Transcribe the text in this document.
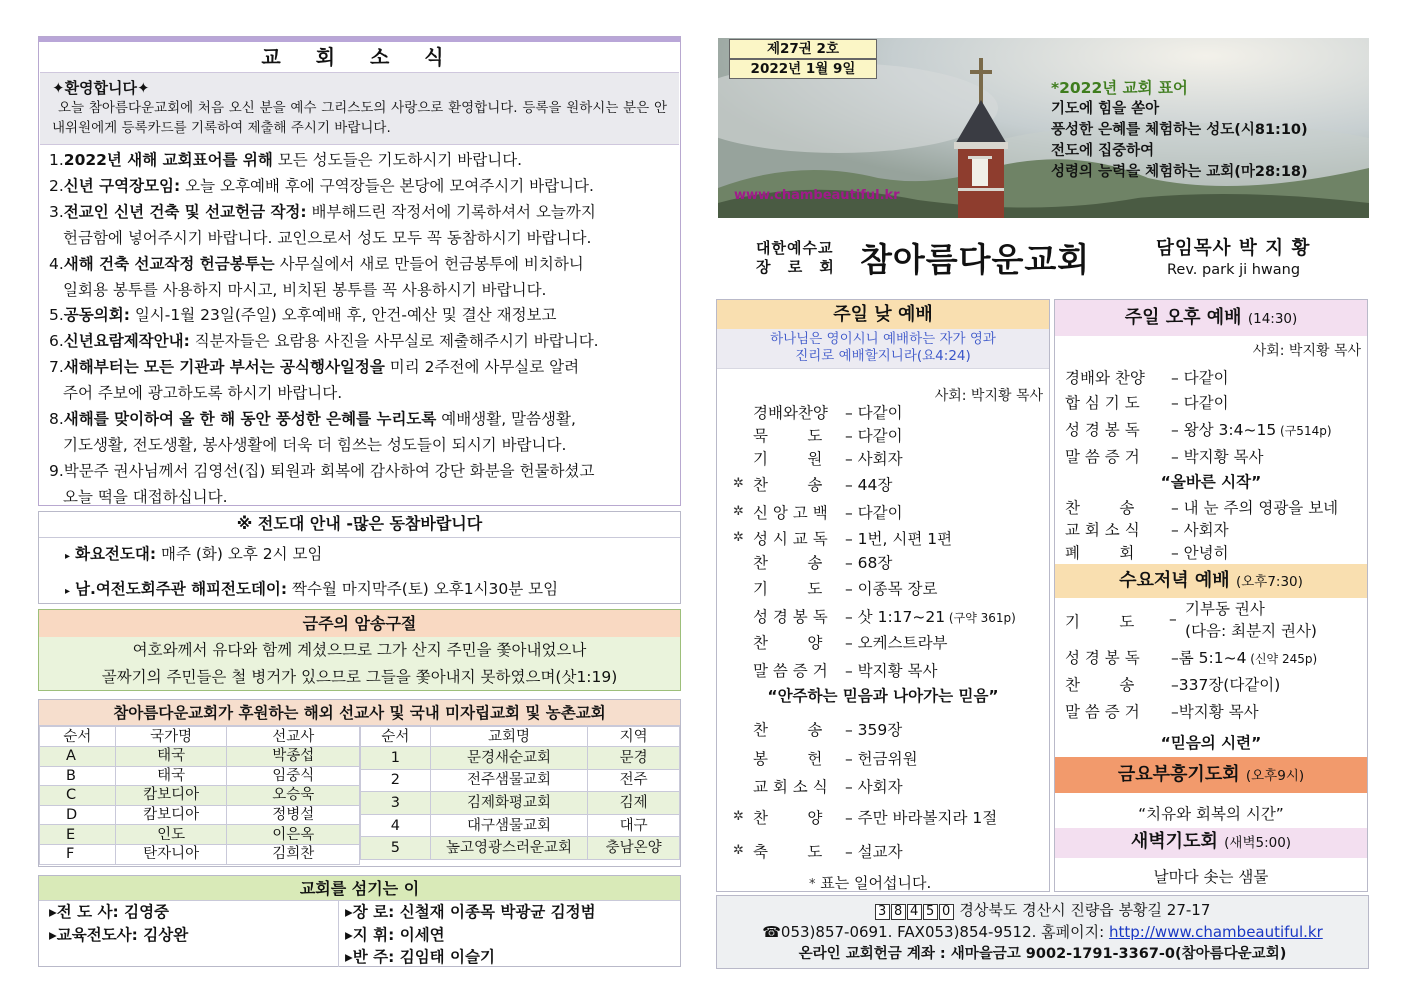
교 회 소 식
✦환영합니다✦
오늘 참아름다운교회에 처음 오신 분을 예수 그리스도의 사랑으로 환영합니다. 등록을 원하시는 분은 안내위원에게 등록카드를 기록하여 제출해 주시기 바랍니다.
1.2022년 새해 교회표어를 위해 모든 성도들은 기도하시기 바랍니다.
2.신년 구역장모임: 오늘 오후예배 후에 구역장들은 본당에 모여주시기 바랍니다.
3.전교인 신년 건축 및 선교헌금 작정: 배부해드린 작정서에 기록하셔서 오늘까지
헌금함에 넣어주시기 바랍니다. 교인으로서 성도 모두 꼭 동참하시기 바랍니다.
4.새해 건축 선교작정 헌금봉투는 사무실에서 새로 만들어 헌금봉투에 비치하니
일회용 봉투를 사용하지 마시고, 비치된 봉투를 꼭 사용하시기 바랍니다.
5.공동의회: 일시-1월 23일(주일) 오후예배 후, 안건-예산 및 결산 재정보고
6.신년요람제작안내: 직분자들은 요람용 사진을 사무실로 제출해주시기 바랍니다.
7.새해부터는 모든 기관과 부서는 공식행사일정을 미리 2주전에 사무실로 알려
주어 주보에 광고하도록 하시기 바랍니다.
8.새해를 맞이하여 올 한 해 동안 풍성한 은혜를 누리도록 예배생활, 말씀생활,
기도생활, 전도생활, 봉사생활에 더욱 더 힘쓰는 성도들이 되시기 바랍니다.
9.박문주 권사님께서 김영선(집) 퇴원과 회복에 감사하여 강단 화분을 헌물하셨고
오늘 떡을 대접하십니다.
※ 전도대 안내 -많은 동참바랍니다
▸ 화요전도대: 매주 (화) 오후 2시 모임
▸ 남.여전도회주관 해피전도데이: 짝수월 마지막주(토) 오후1시30분 모임
금주의 암송구절
여호와께서 유다와 함께 계셨으므로 그가 산지 주민을 쫓아내었으나
골짜기의 주민들은 철 병거가 있으므로 그들을 쫓아내지 못하였으며(삿1:19)
참아름다운교회가 후원하는 해외 선교사 및 국내 미자립교회 및 농촌교회
순서	국가명	선교사
A	태국	박종섭
B	태국	임중식
C	캄보디아	오승욱
D	캄보디아	정병설
E	인도	이은옥
F	탄자니아	김희찬
순서	교회명	지역
1	문경새순교회	문경
2	전주샘물교회	전주
3	김제화평교회	김제
4	대구샘물교회	대구
5	높고영광스러운교회	충남온양
교회를 섬기는 이
▸전 도 사: 김영중
▸교육전도사: 김상완
▸장 로: 신철재 이종목 박광균 김정범
▸지 휘: 이세연
▸반 주: 김임태 이슬기
제27권 2호
2022년 1월 9일
*2022년 교회 표어
기도에 힘을 쏟아
풍성한 은혜를 체험하는 성도(시81:10)
전도에 집중하여
성령의 능력을 체험하는 교회(마28:18)
www.chambeautiful.kr
대한예수교
장 로 회 참아름다운교회	담임목사 박 지 황
Rev. park ji hwang
주일 낮 예배
하나님은 영이시니 예배하는 자가 영과
진리로 예배할지니라(요4:24)
사회: 박지황 목사
경배와찬양 – 다같이
묵        도 – 다같이
기        원 – 사회자
✲ 찬        송 – 44장
✲ 신 앙 고 백 – 다같이
✲ 성 시 교 독 – 1번, 시편 1편
찬        송 – 68장
기        도 – 이종목 장로
성 경 봉 독 – 삿 1:17~21 (구약 361p)
찬        양 – 오케스트라부
말 씀 증 거 – 박지황 목사
“안주하는 믿음과 나아가는 믿음”
찬        송 – 359장
봉        헌 – 헌금위원
교 회 소 식 – 사회자
✲ 찬        양 – 주만 바라볼지라 1절
✲ 축        도 – 설교자
* 표는 일어섭니다.
주일 오후 예배 (14:30)
사회: 박지황 목사
경배와 찬양 – 다같이
합 심 기 도 – 다같이
성 경 봉 독 – 왕상 3:4~15 (구514p)
말 씀 증 거 – 박지황 목사
“올바른 시작”
찬        송 – 내 눈 주의 영광을 보네
교 회 소 식 – 사회자
폐        회 – 안녕히
수요저녁 예배 (오후7:30)
기        도	–
기부동 권사
(다음: 최분지 권사)
성 경 봉 독 –롬 5:1~4 (신약 245p)
찬        송 –337장(다같이)
말 씀 증 거 –박지황 목사
“믿음의 시련”
금요부흥기도회 (오후9시)
“치유와 회복의 시간”
새벽기도회 (새벽5:00)
날마다 솟는 샘물
3 8 4 5 0 경상북도 경산시 진량읍 봉황길 27-17
☎053)857-0691. FAX053)854-9512. 홈페이지: http://www.chambeautiful.kr
온라인 교회헌금 계좌 : 새마을금고 9002-1791-3367-0(참아름다운교회)
